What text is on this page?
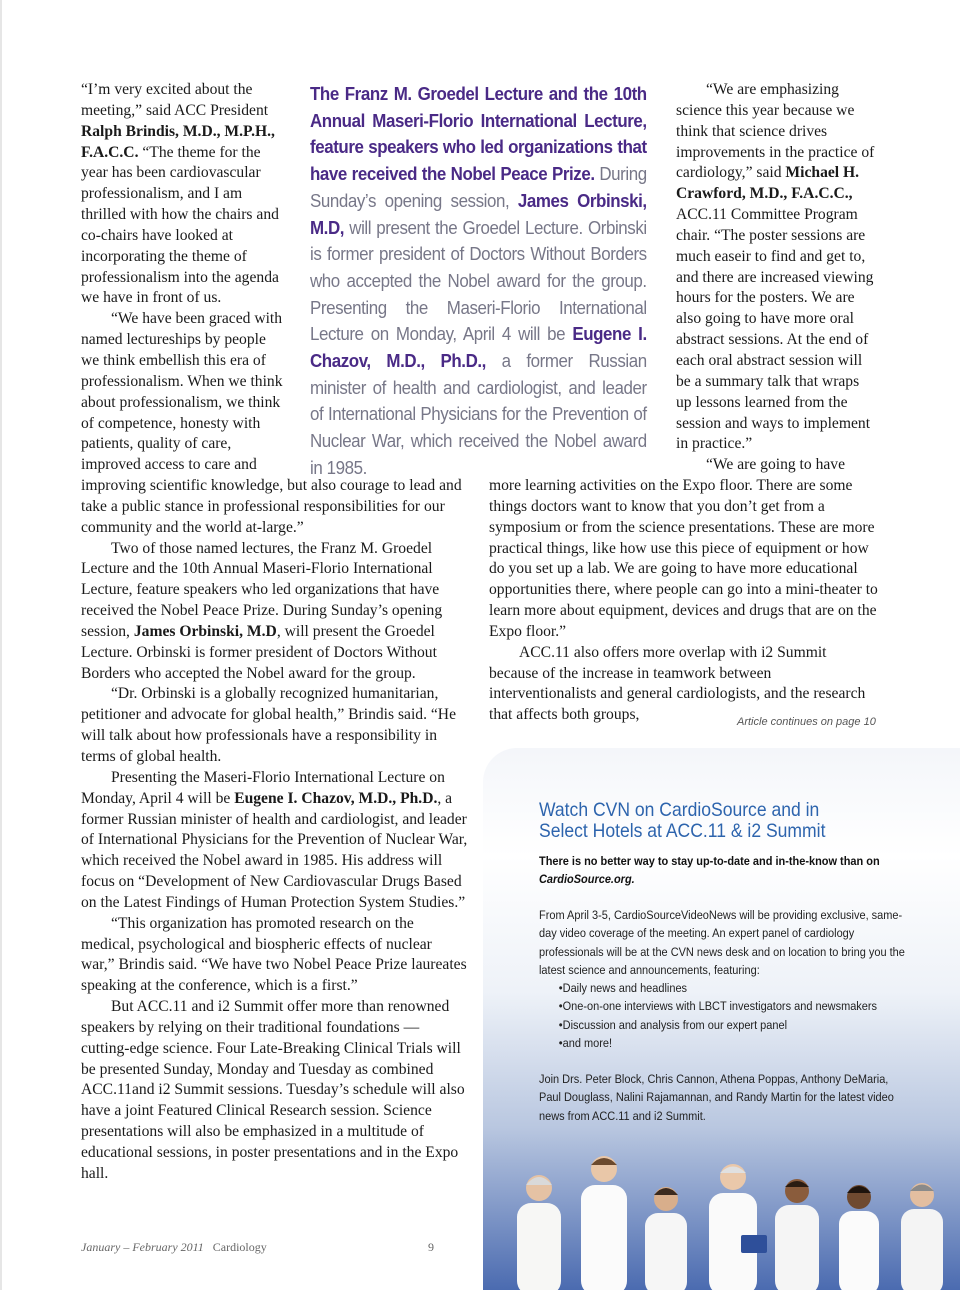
“I’m very excited about the meeting,” said ACC President Ralph Brindis, M.D., M.P.H., F.A.C.C. “The theme for the year has been cardiovascular professionalism, and I am thrilled with how the chairs and co-chairs have looked at incorporating the theme of professionalism into the agenda we have in front of us.

“We have been graced with named lectureships by people we think embellish this era of professionalism. When we think about professionalism, we think of competence, honesty with patients, quality of care, improved access to care and

improving scientific knowledge, but also courage to lead and take a public stance in professional responsibilities for our community and the world at-large.”

Two of those named lectures, the Franz M. Groedel Lecture and the 10th Annual Maseri-Florio International Lecture, feature speakers who led organizations that have received the Nobel Peace Prize. During Sunday’s opening session, James Orbinski, M.D, will present the Groedel Lecture. Orbinski is former president of Doctors Without Borders who accepted the Nobel award for the group.

“Dr. Orbinski is a globally recognized humanitarian, petitioner and advocate for global health,” Brindis said. “He will talk about how professionals have a responsibility in terms of global health.

Presenting the Maseri-Florio International Lecture on Monday, April 4 will be Eugene I. Chazov, M.D., Ph.D., a former Russian minister of health and cardiologist, and leader of International Physicians for the Prevention of Nuclear War, which received the Nobel award in 1985. His address will focus on “Development of New Cardiovascular Drugs Based on the Latest Findings of Human Protection System Studies.”

“This organization has promoted research on the medical, psychological and biospheric effects of nuclear war,” Brindis said. “We have two Nobel Peace Prize laureates speaking at the conference, which is a first.”

But ACC.11 and i2 Summit offer more than renowned speakers by relying on their traditional foundations — cutting-edge science. Four Late-Breaking Clinical Trials will be presented Sunday, Monday and Tuesday as combined ACC.11and i2 Summit sessions. Tuesday’s schedule will also have a joint Featured Clinical Research session. Science presentations will also be emphasized in a multitude of educational sessions, in poster presentations and in the Expo hall.

The Franz M. Groedel Lecture and the 10th Annual Maseri-Florio International Lecture, feature speakers who led organizations that have received the Nobel Peace Prize. During Sunday’s opening session, James Orbinski, M.D, will present the Groedel Lecture. Orbinski is former president of Doctors Without Borders who accepted the Nobel award for the group. Presenting the Maseri-Florio International Lecture on Monday, April 4 will be Eugene I. Chazov, M.D., Ph.D., a former Russian minister of health and cardiologist, and leader of International Physicians for the Prevention of Nuclear War, which received the Nobel award in 1985.

“We are emphasizing science this year because we think that science drives improvements in the practice of cardiology,” said Michael H. Crawford, M.D., F.A.C.C., ACC.11 Committee Program chair. “The poster sessions are much easeir to find and get to, and there are increased viewing hours for the posters. We are also going to have more oral abstract sessions. At the end of each oral abstract session will be a summary talk that wraps up lessons learned from the session and ways to implement in practice.”

“We are going to have

more learning activities on the Expo floor. There are some things doctors want to know that you don’t get from a symposium or from the science presentations. These are more practical things, like how use this piece of equipment or how do you set up a lab. We are going to have more educational opportunities there, where people can go into a mini-theater to learn more about equipment, devices and drugs that are on the Expo floor.”

ACC.11 also offers more overlap with i2 Summit because of the increase in teamwork between interventionalists and general cardiologists, and the research that affects both groups,	Article continues on page 10
Watch CVN on CardioSource and in Select Hotels at ACC.11 & i2 Summit
There is no better way to stay up-to-date and in-the-know than on CardioSource.org.
From April 3-5, CardioSourceVideoNews will be providing exclusive, same-day video coverage of the meeting. An expert panel of cardiology professionals will be at the CVN news desk and on location to bring you the latest science and announcements, featuring:
• Daily news and headlines
• One-on-one interviews with LBCT investigators and newsmakers
• Discussion and analysis from our expert panel
• and more!
Join Drs. Peter Block, Chris Cannon, Athena Poppas, Anthony DeMaria, Paul Douglass, Nalini Rajamannan, and Randy Martin for the latest video news from ACC.11 and i2 Summit.
January – February 2011 Cardiology	9
